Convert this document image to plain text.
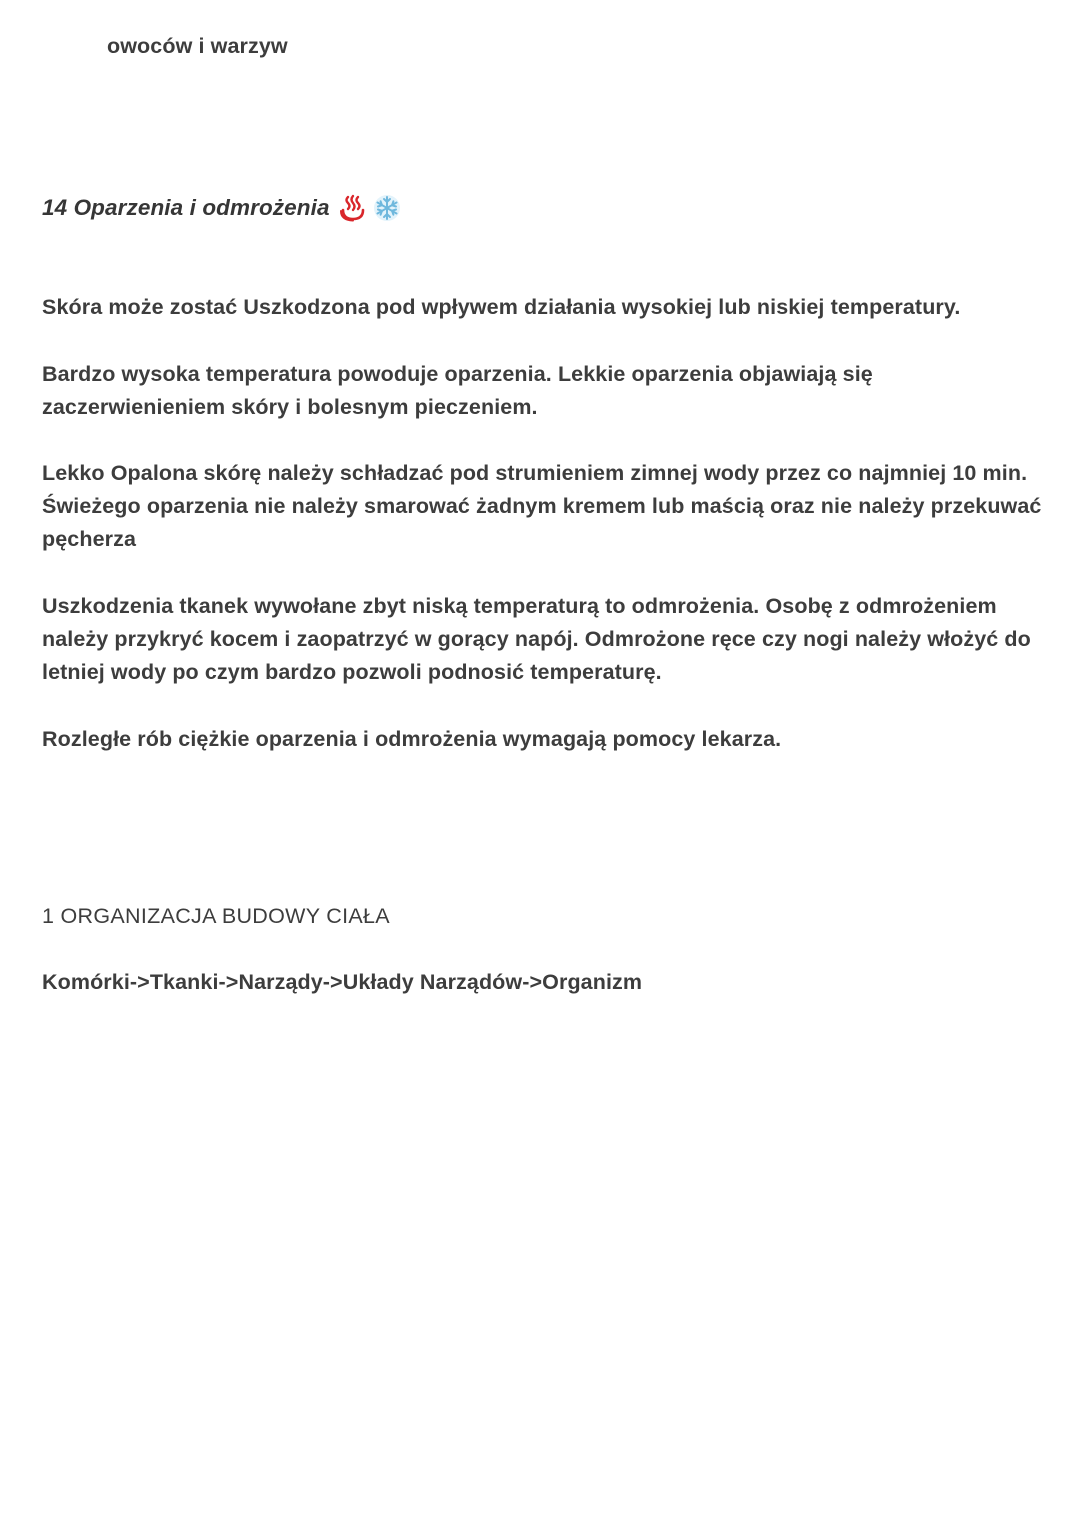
owoców i warzyw

14 Oparzenia i odmrożenia

Skóra może zostać Uszkodzona pod wpływem działania wysokiej lub niskiej temperatury.

Bardzo wysoka temperatura powoduje oparzenia. Lekkie oparzenia objawiają się zaczerwienieniem skóry i bolesnym pieczeniem.

Lekko Opalona skórę należy schładzać pod strumieniem zimnej wody przez co najmniej 10 min. Świeżego oparzenia nie należy smarować żadnym kremem lub maścią oraz nie należy przekuwać pęcherza

Uszkodzenia tkanek wywołane zbyt niską temperaturą to odmrożenia. Osobę z odmrożeniem należy przykryć kocem i zaopatrzyć w gorący napój. Odmrożone ręce czy nogi należy włożyć do letniej wody po czym bardzo pozwoli podnosić temperaturę.

Rozległe rób ciężkie oparzenia i odmrożenia wymagają pomocy lekarza.

1 ORGANIZACJA BUDOWY CIAŁA

Komórki->Tkanki->Narządy->Układy Narządów->Organizm
